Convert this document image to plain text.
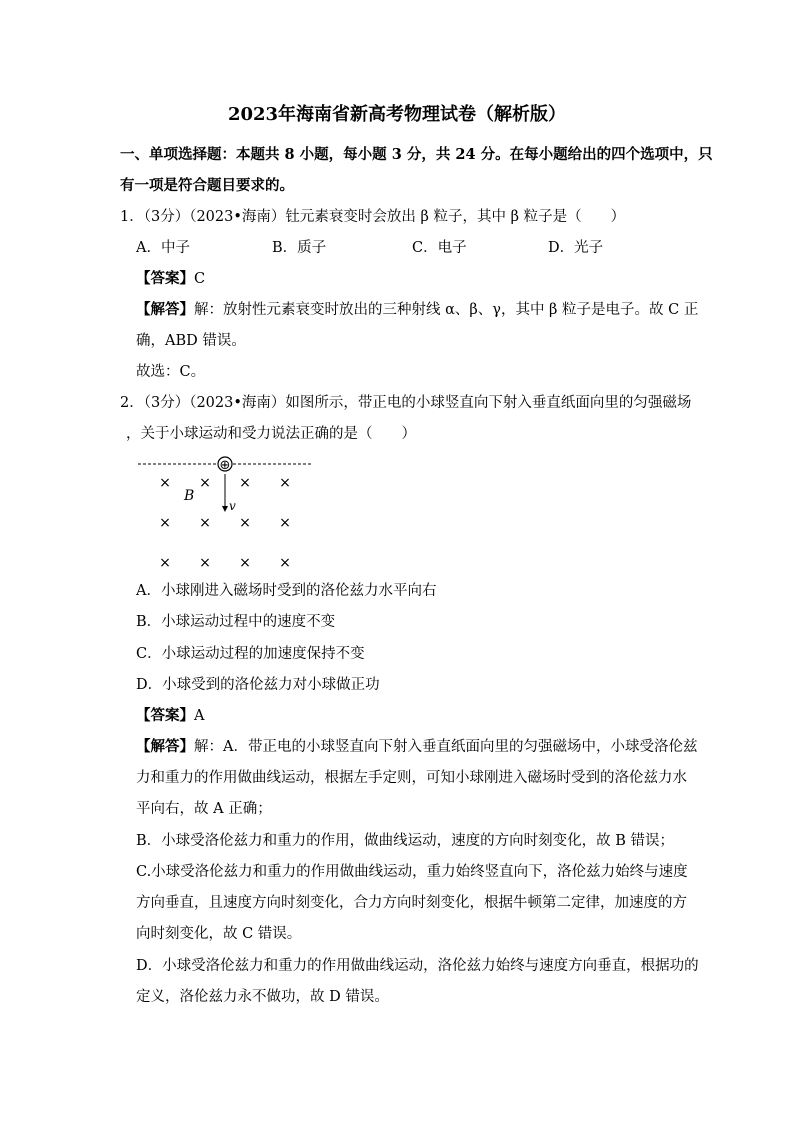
2023年海南省新高考物理试卷（解析版）
一、单项选择题：本题共 8 小题，每小题 3 分，共 24 分。在每小题给出的四个选项中，只
有一项是符合题目要求的。
1．（3分）（2023•海南）钍元素衰变时会放出 β 粒子，其中 β 粒子是（　　）
A．中子	B．质子	C．电子	D．光子
【答案】C
【解答】解：放射性元素衰变时放出的三种射线 α、β、γ，其中 β 粒子是电子。故 C 正
确，ABD 错误。
故选：C。
2．（3分）（2023•海南）如图所示，带正电的小球竖直向下射入垂直纸面向里的匀强磁场
，关于小球运动和受力说法正确的是（　　）
⊕
v
B
× × × ×
× × × ×
× × × ×
A．小球刚进入磁场时受到的洛伦兹力水平向右
B．小球运动过程中的速度不变
C．小球运动过程的加速度保持不变
D．小球受到的洛伦兹力对小球做正功
【答案】A
【解答】解：A．带正电的小球竖直向下射入垂直纸面向里的匀强磁场中，小球受洛伦兹
力和重力的作用做曲线运动，根据左手定则，可知小球刚进入磁场时受到的洛伦兹力水
平向右，故 A 正确；
B．小球受洛伦兹力和重力的作用，做曲线运动，速度的方向时刻变化，故 B 错误；
C.小球受洛伦兹力和重力的作用做曲线运动，重力始终竖直向下，洛伦兹力始终与速度
方向垂直，且速度方向时刻变化，合力方向时刻变化，根据牛顿第二定律，加速度的方
向时刻变化，故 C 错误。
D．小球受洛伦兹力和重力的作用做曲线运动，洛伦兹力始终与速度方向垂直，根据功的
定义，洛伦兹力永不做功，故 D 错误。
